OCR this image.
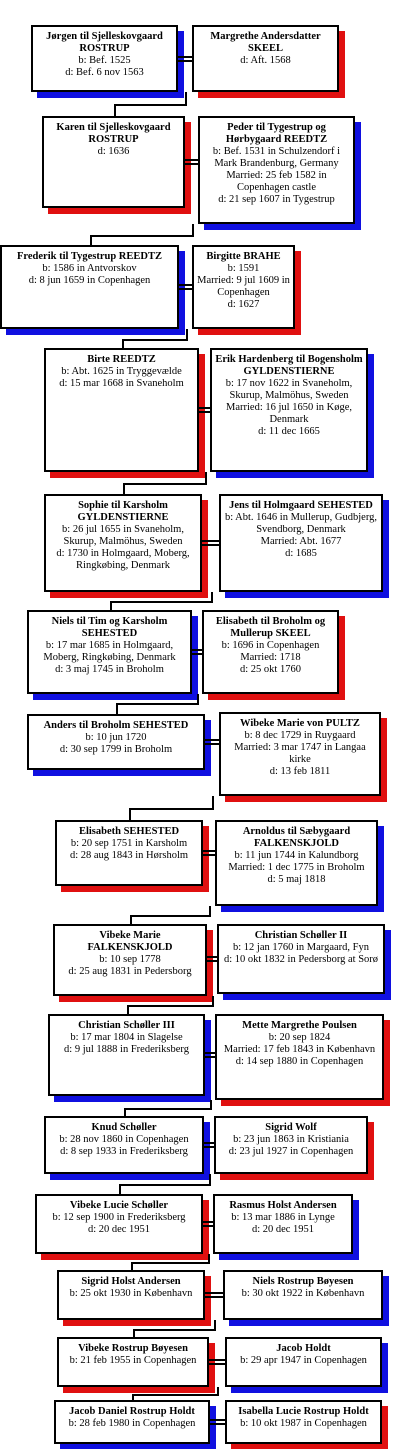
Jørgen til Sjelleskovgaard ROSTRUP
b: Bef. 1525
d: Bef. 6 nov 1563
Margrethe Andersdatter SKEEL
d: Aft. 1568
Karen til Sjelleskovgaard ROSTRUP
d: 1636
Peder til Tygestrup og Hørbygaard REEDTZ
b: Bef. 1531 in Schulzendorf i Mark Brandenburg, Germany
Married: 25 feb 1582 in Copenhagen castle
d: 21 sep 1607 in Tygestrup
Frederik til Tygestrup REEDTZ
b: 1586 in Antvorskov
d: 8 jun 1659 in Copenhagen
Birgitte BRAHE
b: 1591
Married: 9 jul 1609 in Copenhagen
d: 1627
Birte REEDTZ
b: Abt. 1625 in Tryggevælde
d: 15 mar 1668 in Svaneholm
Erik Hardenberg til Bogensholm GYLDENSTIERNE
b: 17 nov 1622 in Svaneholm, Skurup, Malmöhus, Sweden
Married: 16 jul 1650 in Køge, Denmark
d: 11 dec 1665
Sophie til Karsholm GYLDENSTIERNE
b: 26 jul 1655 in Svaneholm, Skurup, Malmöhus, Sweden
d: 1730 in Holmgaard, Moberg, Ringkøbing, Denmark
Jens til Holmgaard SEHESTED
b: Abt. 1646 in Mullerup, Gudbjerg, Svendborg, Denmark
Married: Abt. 1677
d: 1685
Niels til Tim og Karsholm SEHESTED
b: 17 mar 1685 in Holmgaard, Moberg, Ringkøbing, Denmark
d: 3 maj 1745 in Broholm
Elisabeth til Broholm og Mullerup SKEEL
b: 1696 in Copenhagen
Married: 1718
d: 25 okt 1760
Anders til Broholm SEHESTED
b: 10 jun 1720
d: 30 sep 1799 in Broholm
Wibeke Marie von PULTZ
b: 8 dec 1729 in Ruygaard
Married: 3 mar 1747 in Langaa kirke
d: 13 feb 1811
Elisabeth SEHESTED
b: 20 sep 1751 in Karsholm
d: 28 aug 1843 in Hørsholm
Arnoldus til Sæbygaard FALKENSKJOLD
b: 11 jun 1744 in Kalundborg
Married: 1 dec 1775 in Broholm
d: 5 maj 1818
Vibeke Marie FALKENSKJOLD
b: 10 sep 1778
d: 25 aug 1831 in Pedersborg
Christian Schøller II
b: 12 jan 1760 in Margaard, Fyn
d: 10 okt 1832 in Pedersborg at Sorø
Christian Schøller III
b: 17 mar 1804 in Slagelse
d: 9 jul 1888 in Frederiksberg
Mette Margrethe Poulsen
b: 20 sep 1824
Married: 17 feb 1843 in København
d: 14 sep 1880 in Copenhagen
Knud Schøller
b: 28 nov 1860 in Copenhagen
d: 8 sep 1933 in Frederiksberg
Sigrid Wolf
b: 23 jun 1863 in Kristiania
d: 23 jul 1927 in Copenhagen
Vibeke Lucie Schøller
b: 12 sep 1900 in Frederiksberg
d: 20 dec 1951
Rasmus Holst Andersen
b: 13 mar 1886 in Lynge
d: 20 dec 1951
Sigrid Holst Andersen
b: 25 okt 1930 in København
Niels Rostrup Bøyesen
b: 30 okt 1922 in København
Vibeke Rostrup Bøyesen
b: 21 feb 1955 in Copenhagen
Jacob Holdt
b: 29 apr 1947 in Copenhagen
Jacob Daniel Rostrup Holdt
b: 28 feb 1980 in Copenhagen
Isabella Lucie Rostrup Holdt
b: 10 okt 1987 in Copenhagen
